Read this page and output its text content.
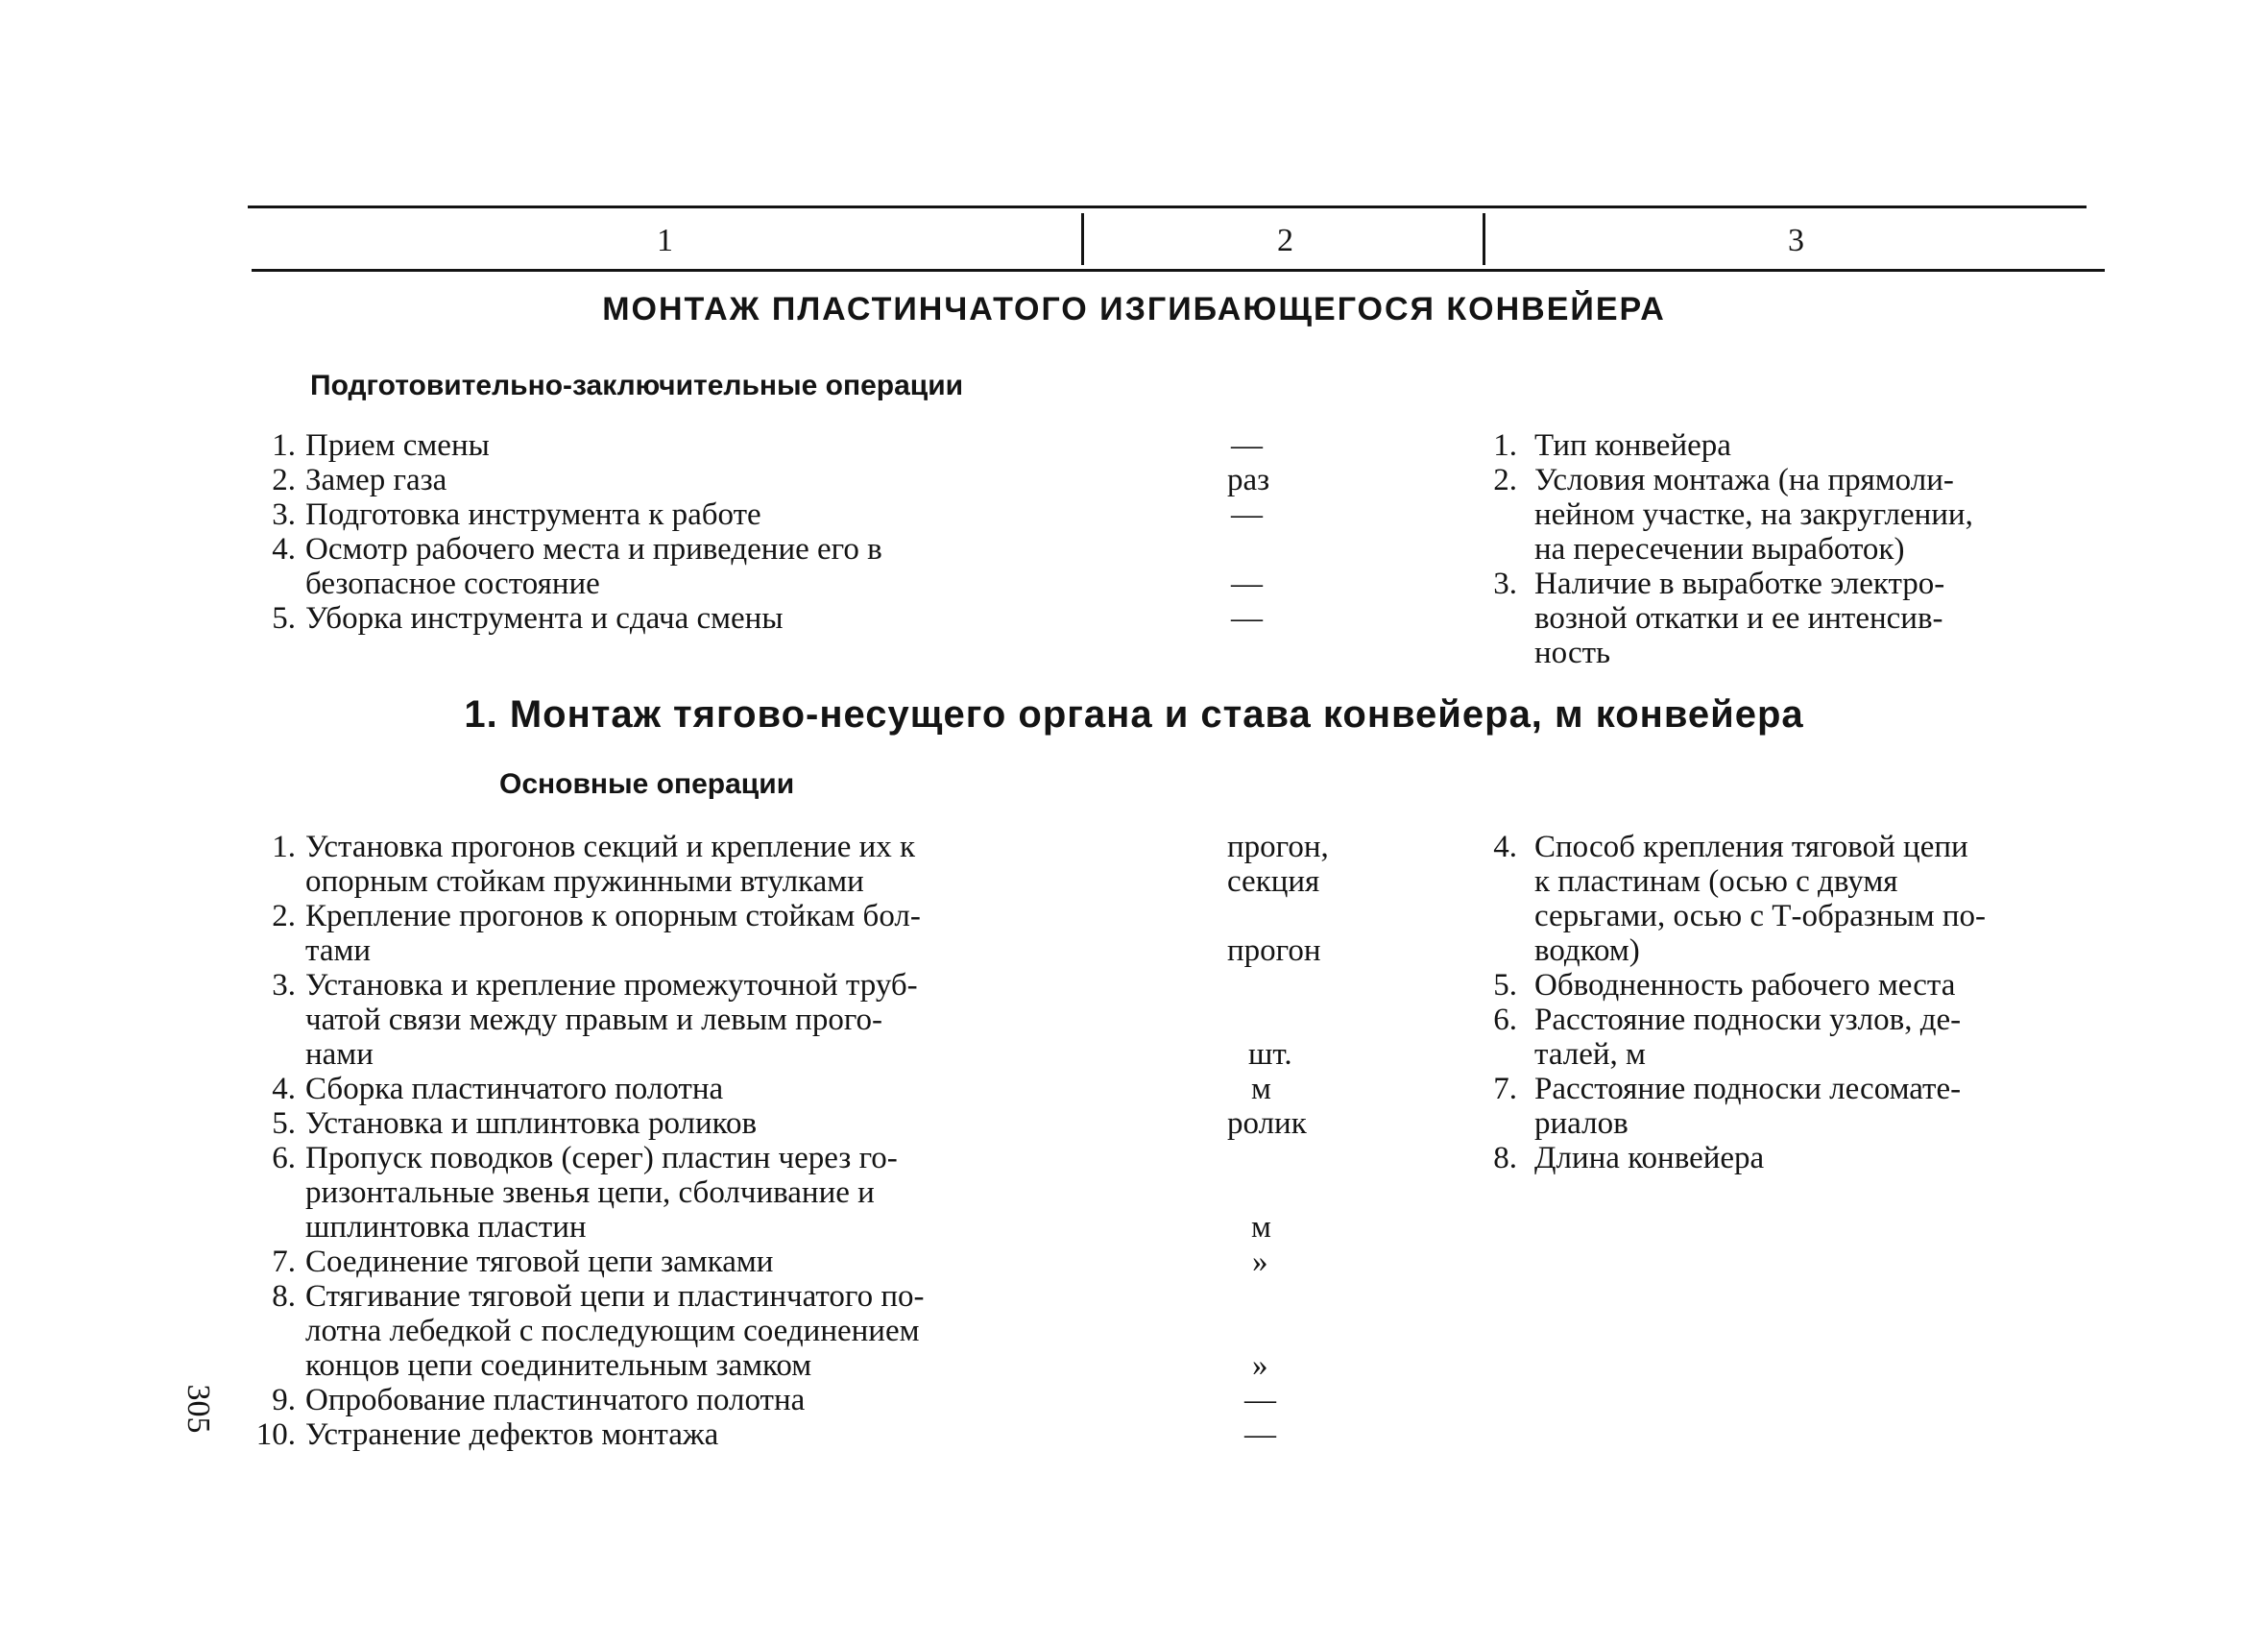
1	2	3
МОНТАЖ ПЛАСТИНЧАТОГО ИЗГИБАЮЩЕГОСЯ КОНВЕЙЕРА
Подготовительно-заключительные операции
1. Прием смены
2. Замер газа
3. Подготовка инструмента к работе
4. Осмотр рабочего места и приведение его в
безопасное состояние
5. Уборка инструмента и сдача смены
—
раз
—
—
—
1. Тип конвейера
2. Условия монтажа (на прямоли-
нейном участке, на закруглении,
на пересечении выработок)
3. Наличие в выработке электро-
возной откатки и ее интенсив-
ность
1. Монтаж тягово-несущего органа и става конвейера, м конвейера
Основные операции
1. Установка прогонов секций и крепление их к
опорным стойкам пружинными втулками
2. Крепление прогонов к опорным стойкам бол-
тами
3. Установка и крепление промежуточной труб-
чатой связи между правым и левым прого-
нами
4. Сборка пластинчатого полотна
5. Установка и шплинтовка роликов
6. Пропуск поводков (серег) пластин через го-
ризонтальные звенья цепи, сболчивание и
шплинтовка пластин
7. Соединение тяговой цепи замками
8. Стягивание тяговой цепи и пластинчатого по-
лотна лебедкой с последующим соединением
концов цепи соединительным замком
9. Опробование пластинчатого полотна
10. Устранение дефектов монтажа
прогон,
секция
прогон
шт.
м
ролик
м
»
»
—
—
4. Способ крепления тяговой цепи
к пластинам (осью с двумя
серьгами, осью с Т-образным по-
водком)
5. Обводненность рабочего места
6. Расстояние подноски узлов, де-
талей, м
7. Расстояние подноски лесомате-
риалов
8. Длина конвейера
305
